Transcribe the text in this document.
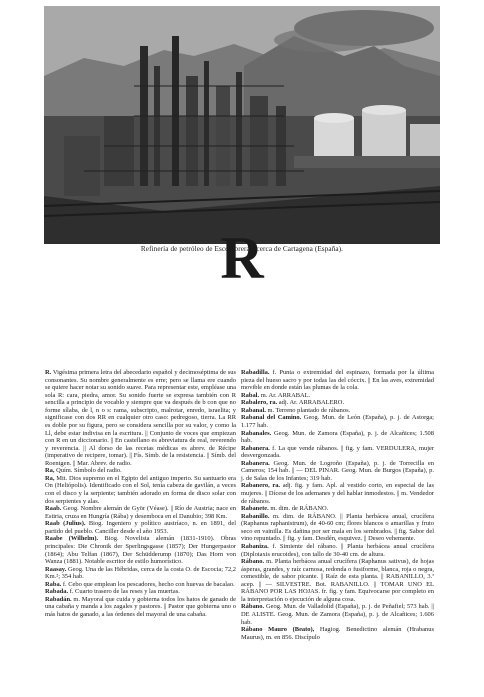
Refinería de petróleo de Escombreras, cerca de Cartagena (España).
R

R. Vigésima primera letra del abecedario español y decimoséptima de sus consonantes. Su nombre generalmente es erre; pero se llama ere cuando se quiere hacer notar su sonido suave. Para representar este, empléase una sola R: cara, piedra, amor. Su sonido fuerte se expresa también con R sencilla a principio de vocablo y siempre que va después de b con que no forme sílaba, de l, n o s: rama, subscripto, malrotar, enredo, israelita; y significase con dos RR en cualquier otro caso: pedregoso, tierra. La RR es doble por su figura, pero se considera sencilla por su valor, y como la Ll, debe estar indivisa en la escritura. || Conjunto de voces que empiezan con R en un diccionario. || En castellano es abreviatura de real, reverendo y reverencia. || Al dorso de las recetas médicas es abrev. de Récipe (imperativo de recipere, tomar). || Fís. Símb. de la resistencia. || Símb. del Roentgen. || Mar. Abrev. de radio.

Ra, Quím. Símbolo del radio.

Ra, Mit. Dios supremo en el Egipto del antiguo imperio. Su santuario era On (Heliópolis). Identificado con el Sol, tenía cabeza de gavilán, a veces con el disco y la serpiente; también adorado en forma de disco solar con dos serpientes y alas.

Raab. Geog. Nombre alemán de Györ (Véase). || Río de Austria; nace en Estiria, cruza en Hungría (Rába) y desemboca en el Danubio; 398 Km.

Raab (Julius). Biog. Ingeniero y político austríaco, n. en 1891, del partido del pueblo. Canciller desde el año 1953.

Raabe (Wilhelm). Biog. Novelista alemán (1831-1910). Obras principales: Die Chronik der Sperlingsgasse (1857); Der Hungerpastor (1864); Abu Telfan (1867), Der Schüdderump (1870); Das Horn von Wanza (1881). Notable escritor de estilo humorístico.

Raasay. Geog. Una de las Hébridas, cerca de la costa O. de Escocia; 72,2 Km.²; 354 hab.

Raba. f. Cebo que emplean los pescadores, hecho con huevas de bacalao.

Rabada. f. Cuarto trasero de las reses y las muertas.

Rabadán. m. Mayoral que cuida y gobierna todos los hatos de ganado de una cabaña y manda a los zagales y pastores. || Pastor que gobierna uno o más hatos de ganado, a las órdenes del mayoral de una cabaña.

Rabadilla. f. Punta o extremidad del espinazo, formada por la última pieza del hueso sacro y por todas las del cóccix. || En las aves, extremidad movible en donde están las plumas de la cola.

Rabal. m. Ar. ARRABAL.

Rabalero, ra. adj. Ar. ARRABALERO.

Rabanal. m. Terreno plantado de rábanos.

Rabanal del Camino. Geog. Mun. de León (España), p. j. de Astorga; 1.177 hab.

Rabanales. Geog. Mun. de Zamora (España), p. j. de Alcañices; 1.508 hab.

Rabanera. f. La que vende rábanos. || fig. y fam. VERDULERA, mujer desvergonzada.

Rabanera. Geog. Mun. de Logroño (España), p. j. de Torrecilla en Cameros; 154 hab. || — DEL PINAR. Geog. Mun. de Burgos (España), p. j. de Salas de los Infantes; 319 hab.

Rabanero, ra. adj. fig. y fam. Apl. al vestido corto, en especial de las mujeres. || Dícese de los ademanes y del hablar inmodestos. || m. Vendedor de rábanos.

Rabanete. m. dim. de RÁBANO.

Rabanillo. m. dim. de RÁBANO. || Planta herbácea anual, crucífera (Raphanus raphanistrum), de 40-60 cm; flores blancos o amarillas y fruto seco en vainilla. Es dañina por ser mala en los sembrados. || fig. Sabor del vino repuntado. || fig. y fam. Desdén, esquivez. || Deseo vehemente.

Rabaniza. f. Simiente del rábano. || Planta herbácea anual crucífera (Diplotaxis erucoides), con tallo de 30-40 cm. de altura.

Rábano. m. Planta herbácea anual crucífera (Raphanus sativus), de hojas ásperas, grandes, y raíz carnosa, redonda o fusiforme, blanca, roja o negra, comestible, de sabor picante. || Raíz de esta planta. || RABANILLO, 3.ª acep. || — SILVESTRE. Bot. RABANILLO. || TOMAR UNO EL RÁBANO POR LAS HOJAS. fr. fig. y fam. Equivocarse por completo en la interpretación o ejecución de alguna cosa.

Rábano. Geog. Mun. de Valladolid (España), p. j. de Peñafiel; 573 hab. || DE ALISTE. Geog. Mun. de Zamora (España), p. j. de Alcañices; 1.606 hab.

Rábano Mauro (Beato), Hagiog. Benedictino alemán (Hrabanus Maurus), m. en 856. Discípulo
